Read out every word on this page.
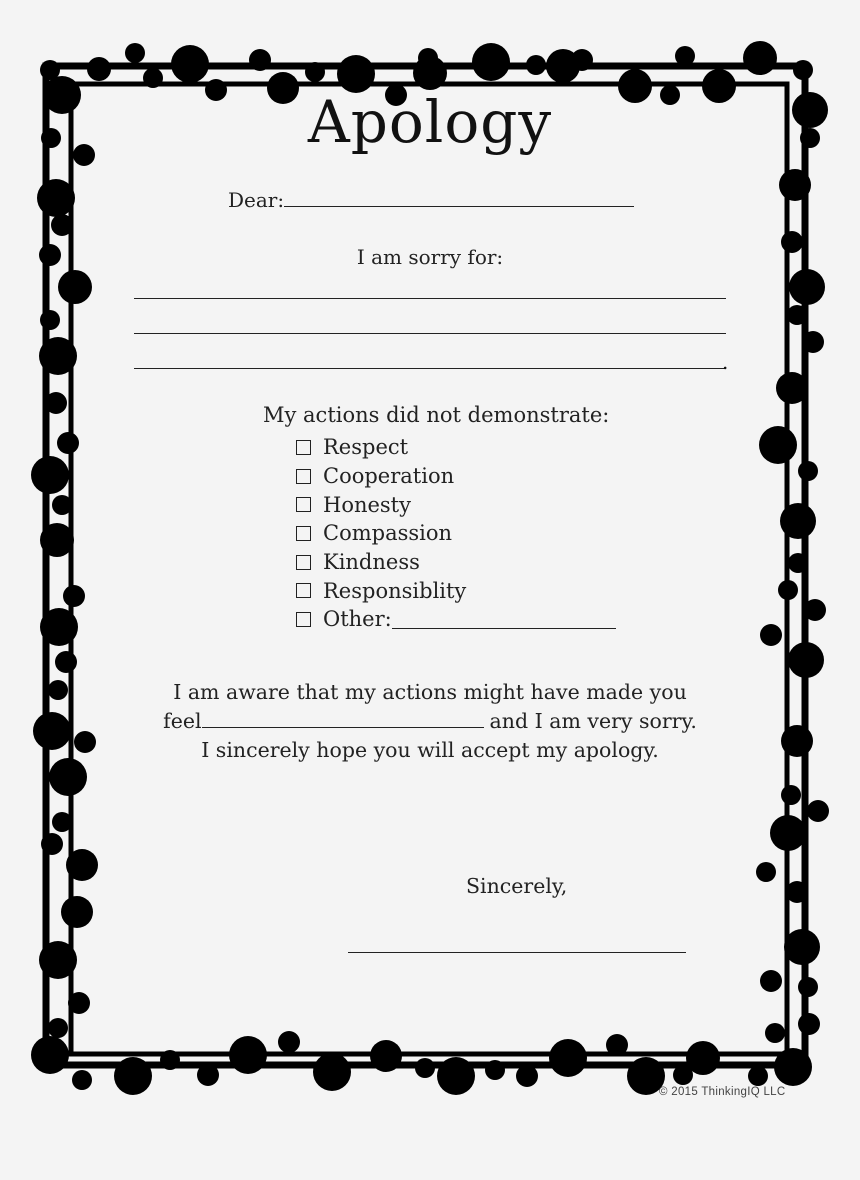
Apology
Dear:
I am sorry for:
.
My actions did not demonstrate:
Respect
Cooperation
Honesty
Compassion
Kindness
Responsiblity
Other:
I am aware that my actions might have made you
feel	and I am very sorry.
I sincerely hope you will accept my apology.
Sincerely,
© 2015 ThinkingIQ LLC
